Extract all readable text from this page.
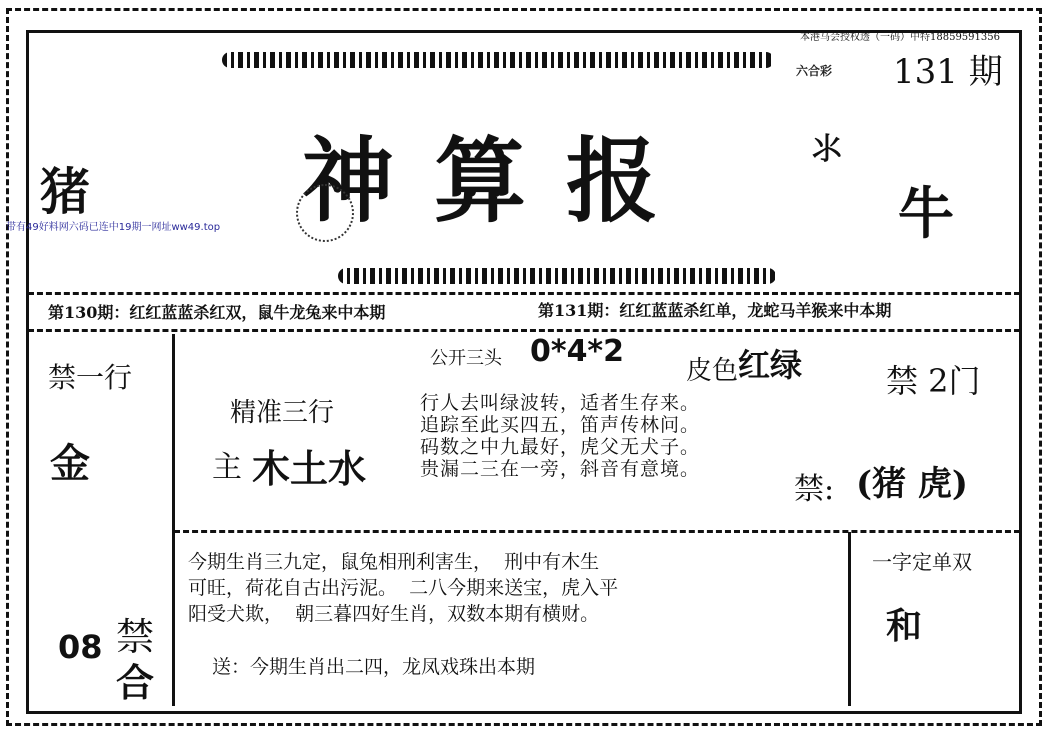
本港马会授权透（一码）中特18859591356
六合彩 131 期
猪 神 算 报	⺢
牛
带有49好料网六码已连中19期一网址ww49.top
第130期：红红蓝蓝杀红双，鼠牛龙兔来中本期	第131期：红红蓝蓝杀红单，龙蛇马羊猴来中本期
禁一行
金
公开三头 0*4*2
皮色 红绿	禁 2门
精准三行
主 木土水
行人去叫绿波转，适者生存来。
追踪至此买四五，笛声传林问。
码数之中九最好，虎父无犬子。
贵漏二三在一旁，斜音有意境。
禁: (猪 虎)
08 禁
合
今期生肖三九定，鼠兔相刑利害生，  刑中有木生
可旺，荷花自古出污泥。  二八今期来送宝，虎入平
阳受犬欺，  朝三暮四好生肖，双数本期有横财。
送：今期生肖出二四，龙凤戏珠出本期
一字定单双
和
